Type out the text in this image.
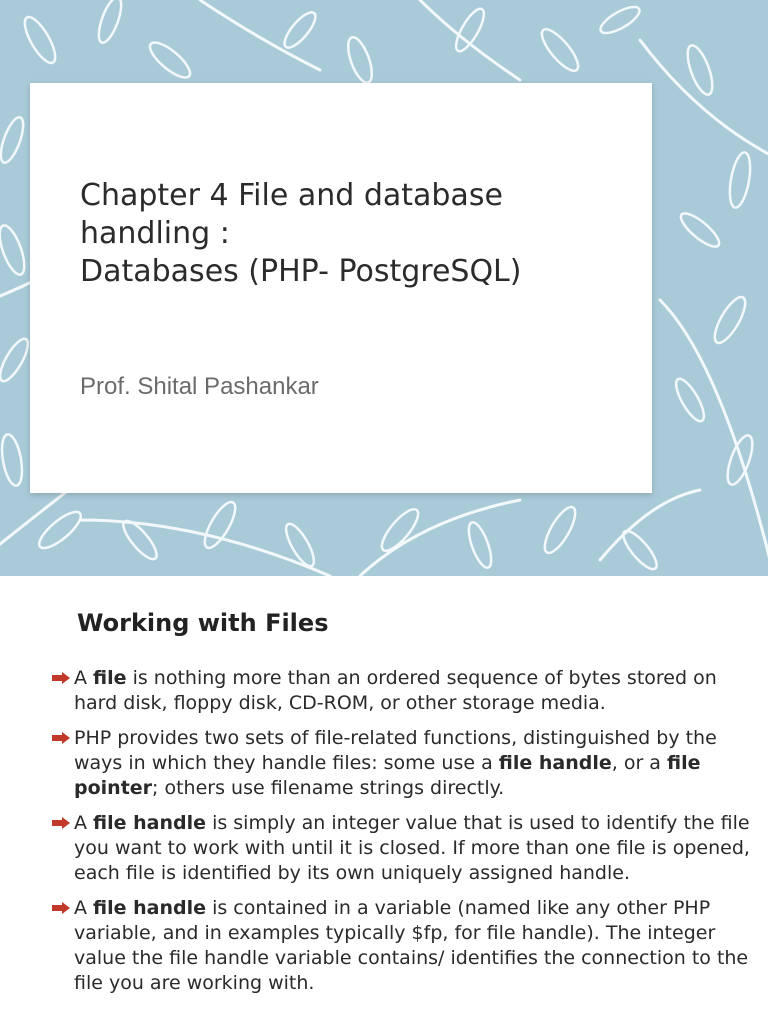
Chapter 4 File and database
handling :
Databases (PHP- PostgreSQL)

Prof. Shital Pashankar

Working with Files
A file is nothing more than an ordered sequence of bytes stored on hard disk, floppy disk, CD-ROM, or other storage media.
PHP provides two sets of file-related functions, distinguished by the ways in which they handle files: some use a file handle, or a file pointer; others use filename strings directly.
A file handle is simply an integer value that is used to identify the file you want to work with until it is closed. If more than one file is opened, each file is identified by its own uniquely assigned handle.
A file handle is contained in a variable (named like any other PHP variable, and in examples typically $fp, for file handle). The integer value the file handle variable contains/ identifies the connection to the file you are working with.
